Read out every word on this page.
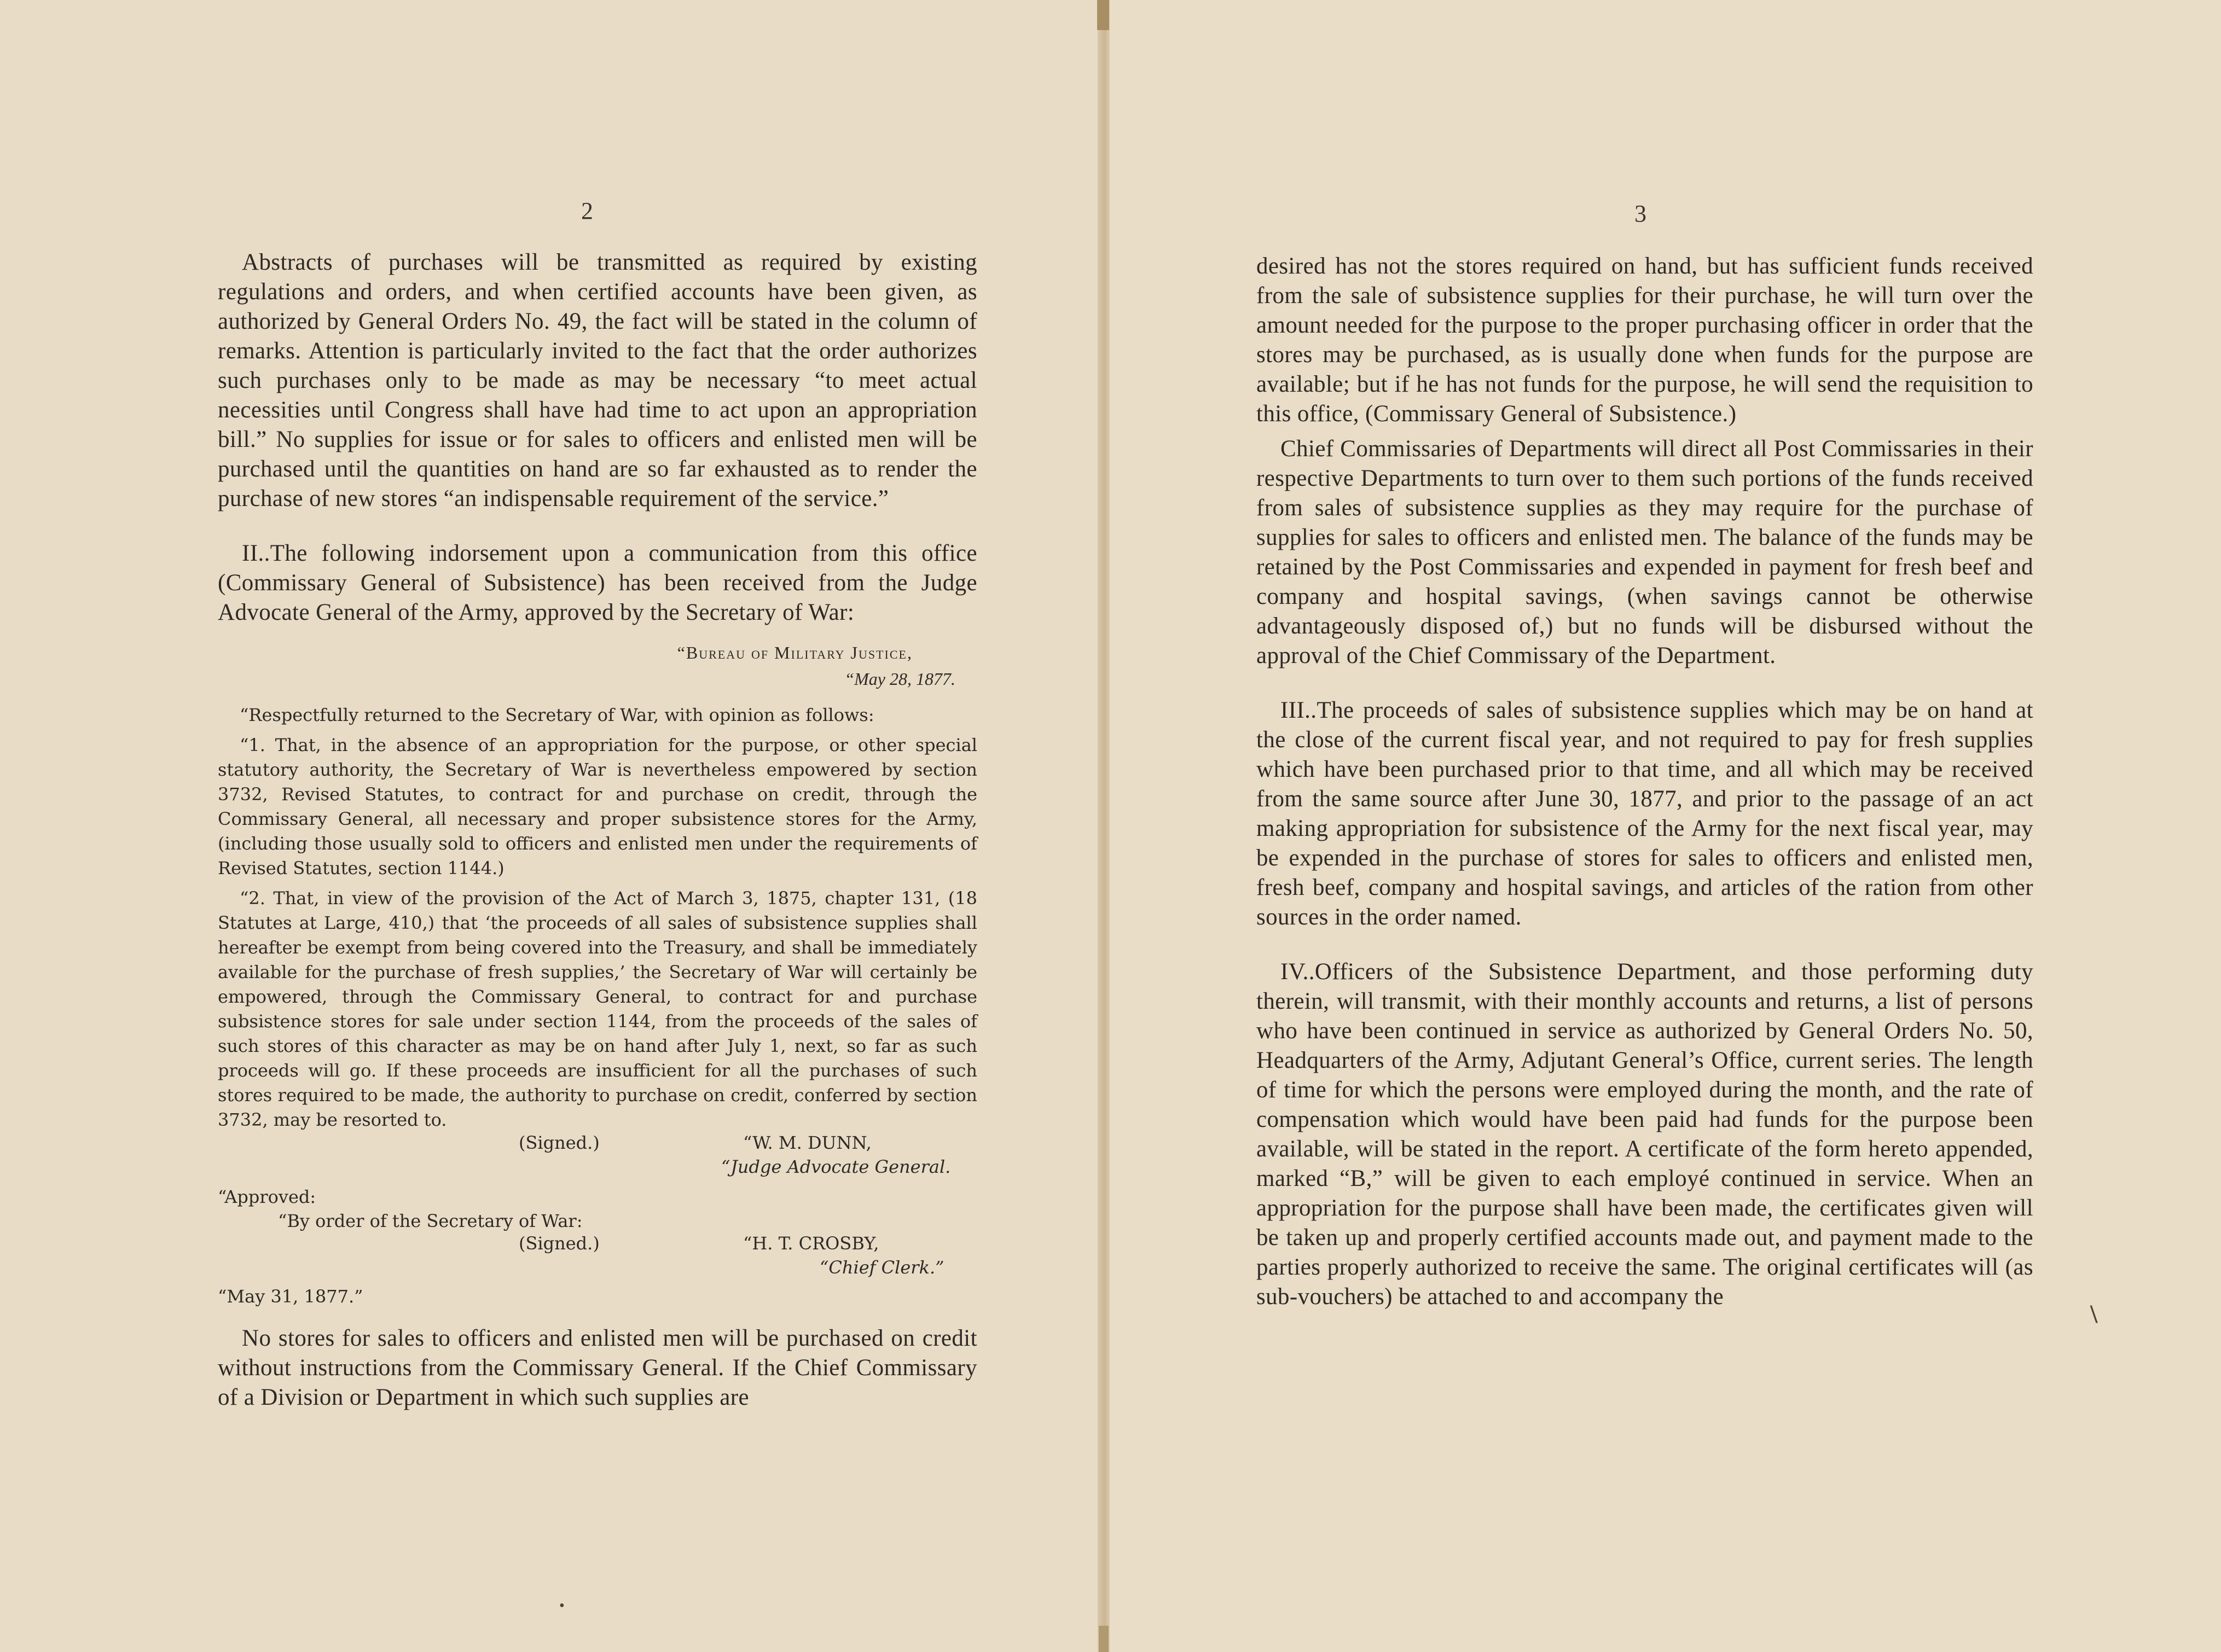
2

Abstracts of purchases will be transmitted as required by existing regulations and orders, and when certified accounts have been given, as authorized by General Orders No. 49, the fact will be stated in the column of remarks. Attention is particularly invited to the fact that the order authorizes such purchases only to be made as may be necessary “to meet actual necessities until Congress shall have had time to act upon an appropriation bill.” No supplies for issue or for sales to officers and enlisted men will be purchased until the quantities on hand are so far exhausted as to render the purchase of new stores “an indispensable requirement of the service.”

II..The following indorsement upon a communication from this office (Commissary General of Subsistence) has been received from the Judge Advocate General of the Army, approved by the Secretary of War:

“Bureau of Military Justice,
“May 28, 1877.

“Respectfully returned to the Secretary of War, with opinion as follows:

“1. That, in the absence of an appropriation for the purpose, or other special statutory authority, the Secretary of War is nevertheless empowered by section 3732, Revised Statutes, to contract for and purchase on credit, through the Commissary General, all necessary and proper subsistence stores for the Army, (including those usually sold to officers and enlisted men under the requirements of Revised Statutes, section 1144.)

“2. That, in view of the provision of the Act of March 3, 1875, chapter 131, (18 Statutes at Large, 410,) that ‘the proceeds of all sales of subsistence supplies shall hereafter be exempt from being covered into the Treasury, and shall be immediately available for the purchase of fresh supplies,’ the Secretary of War will certainly be empowered, through the Commissary General, to contract for and purchase subsistence stores for sale under section 1144, from the proceeds of the sales of such stores of this character as may be on hand after July 1, next, so far as such proceeds will go. If these proceeds are insufficient for all the purchases of such stores required to be made, the authority to purchase on credit, conferred by section 3732, may be resorted to.

(Signed.)	“W. M. DUNN,
“Judge Advocate General.
“Approved:
“By order of the Secretary of War:
(Signed.)	“H. T. CROSBY,
“Chief Clerk.”
“May 31, 1877.”

No stores for sales to officers and enlisted men will be purchased on credit without instructions from the Commissary General. If the Chief Commissary of a Division or Department in which such supplies are

•
3

desired has not the stores required on hand, but has sufficient funds received from the sale of subsistence supplies for their purchase, he will turn over the amount needed for the purpose to the proper purchasing officer in order that the stores may be purchased, as is usually done when funds for the purpose are available; but if he has not funds for the purpose, he will send the requisition to this office, (Commissary General of Subsistence.)

Chief Commissaries of Departments will direct all Post Commissaries in their respective Departments to turn over to them such portions of the funds received from sales of subsistence supplies as they may require for the purchase of supplies for sales to officers and enlisted men. The balance of the funds may be retained by the Post Commissaries and expended in payment for fresh beef and company and hospital savings, (when savings cannot be otherwise advantageously disposed of,) but no funds will be disbursed without the approval of the Chief Commissary of the Department.

III..The proceeds of sales of subsistence supplies which may be on hand at the close of the current fiscal year, and not required to pay for fresh supplies which have been purchased prior to that time, and all which may be received from the same source after June 30, 1877, and prior to the passage of an act making appropriation for subsistence of the Army for the next fiscal year, may be expended in the purchase of stores for sales to officers and enlisted men, fresh beef, company and hospital savings, and articles of the ration from other sources in the order named.

IV..Officers of the Subsistence Department, and those performing duty therein, will transmit, with their monthly accounts and returns, a list of persons who have been continued in service as authorized by General Orders No. 50, Headquarters of the Army, Adjutant General’s Office, current series. The length of time for which the persons were employed during the month, and the rate of compensation which would have been paid had funds for the purpose been available, will be stated in the report. A certificate of the form hereto appended, marked “B,” will be given to each employé continued in service. When an appropriation for the purpose shall have been made, the certificates given will be taken up and properly certified accounts made out, and payment made to the parties properly authorized to receive the same. The original certificates will (as sub-vouchers) be attached to and accompany the

\
